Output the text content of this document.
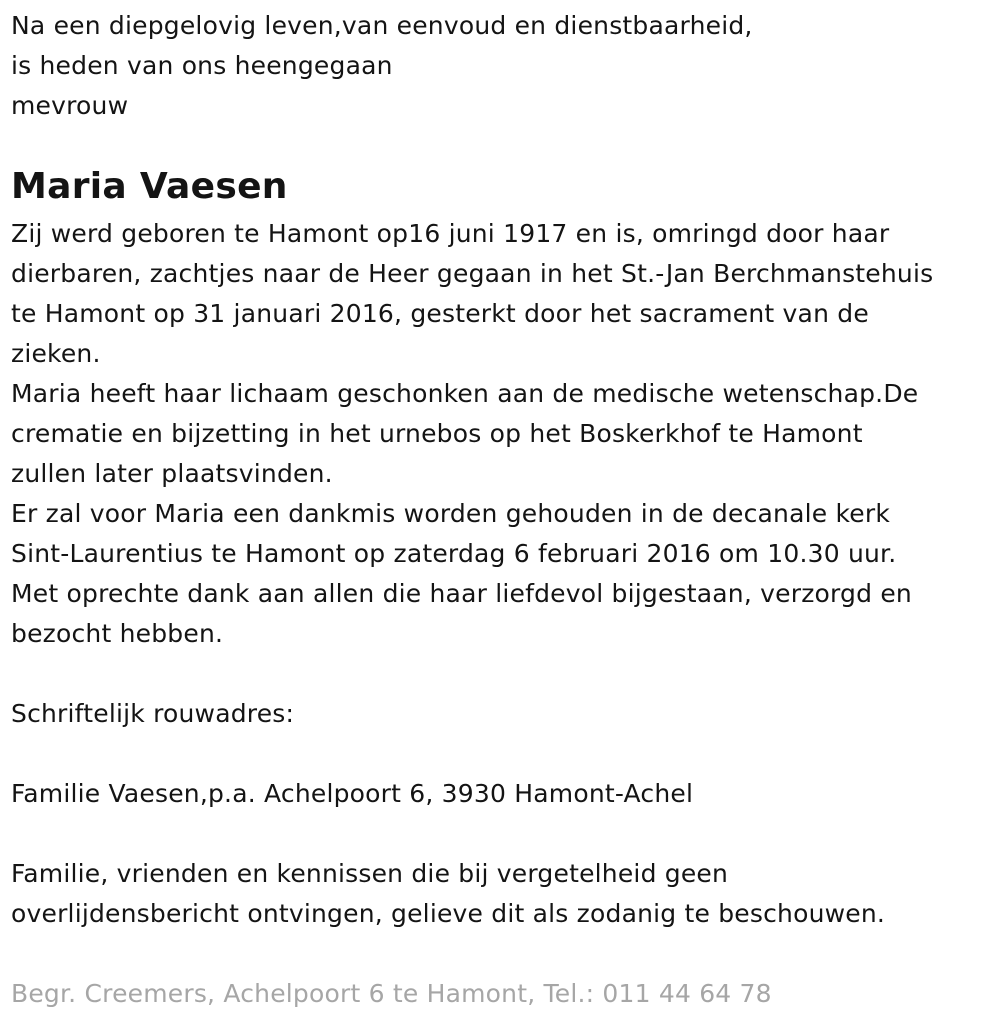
Na een diepgelovig leven,van eenvoud en dienstbaarheid,
is heden van ons heengegaan
mevrouw
Maria Vaesen
Zij werd geboren te Hamont op16 juni 1917 en is, omringd door haar
dierbaren, zachtjes naar de Heer gegaan in het St.-Jan Berchmanstehuis
te Hamont op 31 januari 2016, gesterkt door het sacrament van de
zieken.
Maria heeft haar lichaam geschonken aan de medische wetenschap.De
crematie en bijzetting in het urnebos op het Boskerkhof te Hamont
zullen later plaatsvinden.
Er zal voor Maria een dankmis worden gehouden in de decanale kerk
Sint-Laurentius te Hamont op zaterdag 6 februari 2016 om 10.30 uur.
Met oprechte dank aan allen die haar liefdevol bijgestaan, verzorgd en
bezocht hebben.
Schriftelijk rouwadres:
Familie Vaesen,p.a. Achelpoort 6, 3930 Hamont-Achel
Familie, vrienden en kennissen die bij vergetelheid geen
overlijdensbericht ontvingen, gelieve dit als zodanig te beschouwen.
Begr. Creemers, Achelpoort 6 te Hamont, Tel.: 011 44 64 78
